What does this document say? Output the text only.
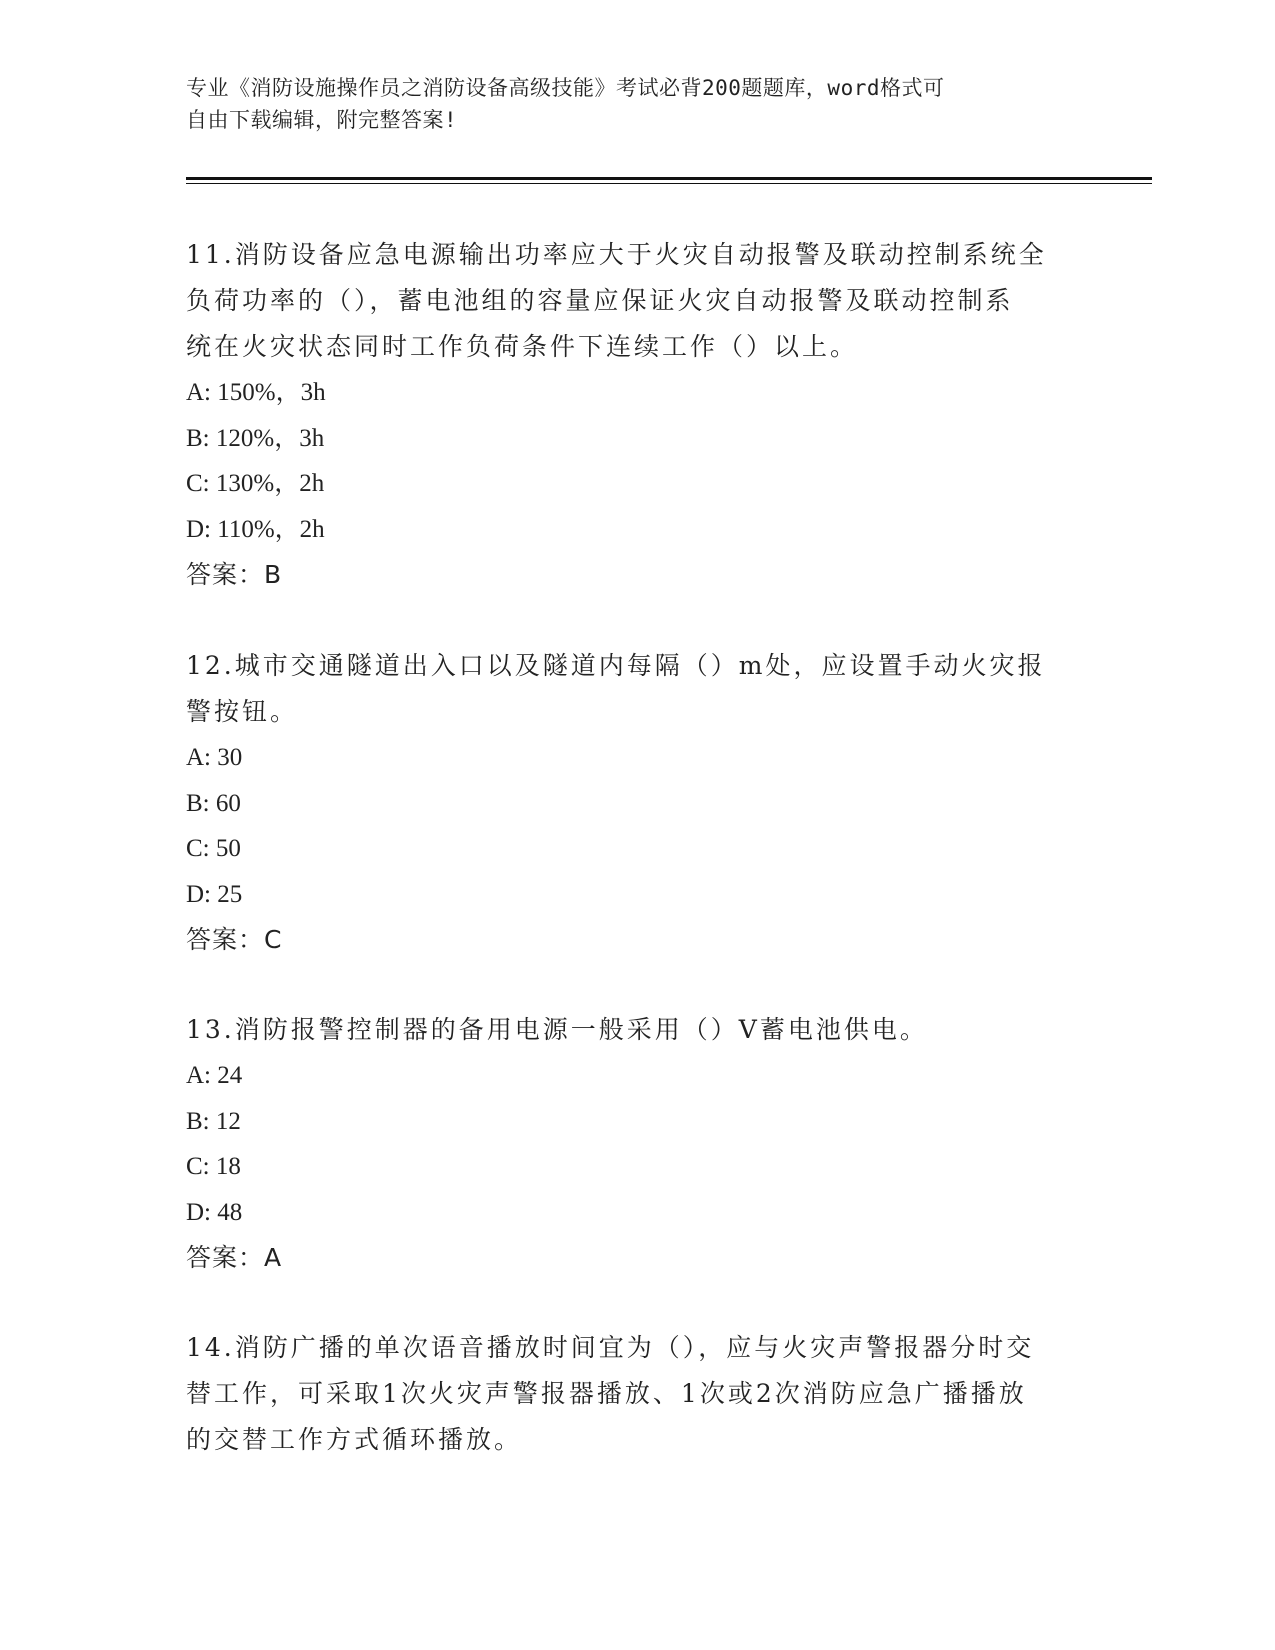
专业《消防设施操作员之消防设备高级技能》考试必背200题题库，word格式可
自由下载编辑，附完整答案!

11.消防设备应急电源输出功率应大于火灾自动报警及联动控制系统全

负荷功率的（），蓄电池组的容量应保证火灾自动报警及联动控制系

统在火灾状态同时工作负荷条件下连续工作（）以上。

A: 150%，3h

B: 120%，3h

C: 130%，2h

D: 110%，2h

答案：B

12.城市交通隧道出入口以及隧道内每隔（）m处，应设置手动火灾报

警按钮。

A: 30

B: 60

C: 50

D: 25

答案：C

13.消防报警控制器的备用电源一般采用（）V蓄电池供电。

A: 24

B: 12

C: 18

D: 48

答案：A

14.消防广播的单次语音播放时间宜为（），应与火灾声警报器分时交

替工作，可采取1次火灾声警报器播放、1次或2次消防应急广播播放

的交替工作方式循环播放。
